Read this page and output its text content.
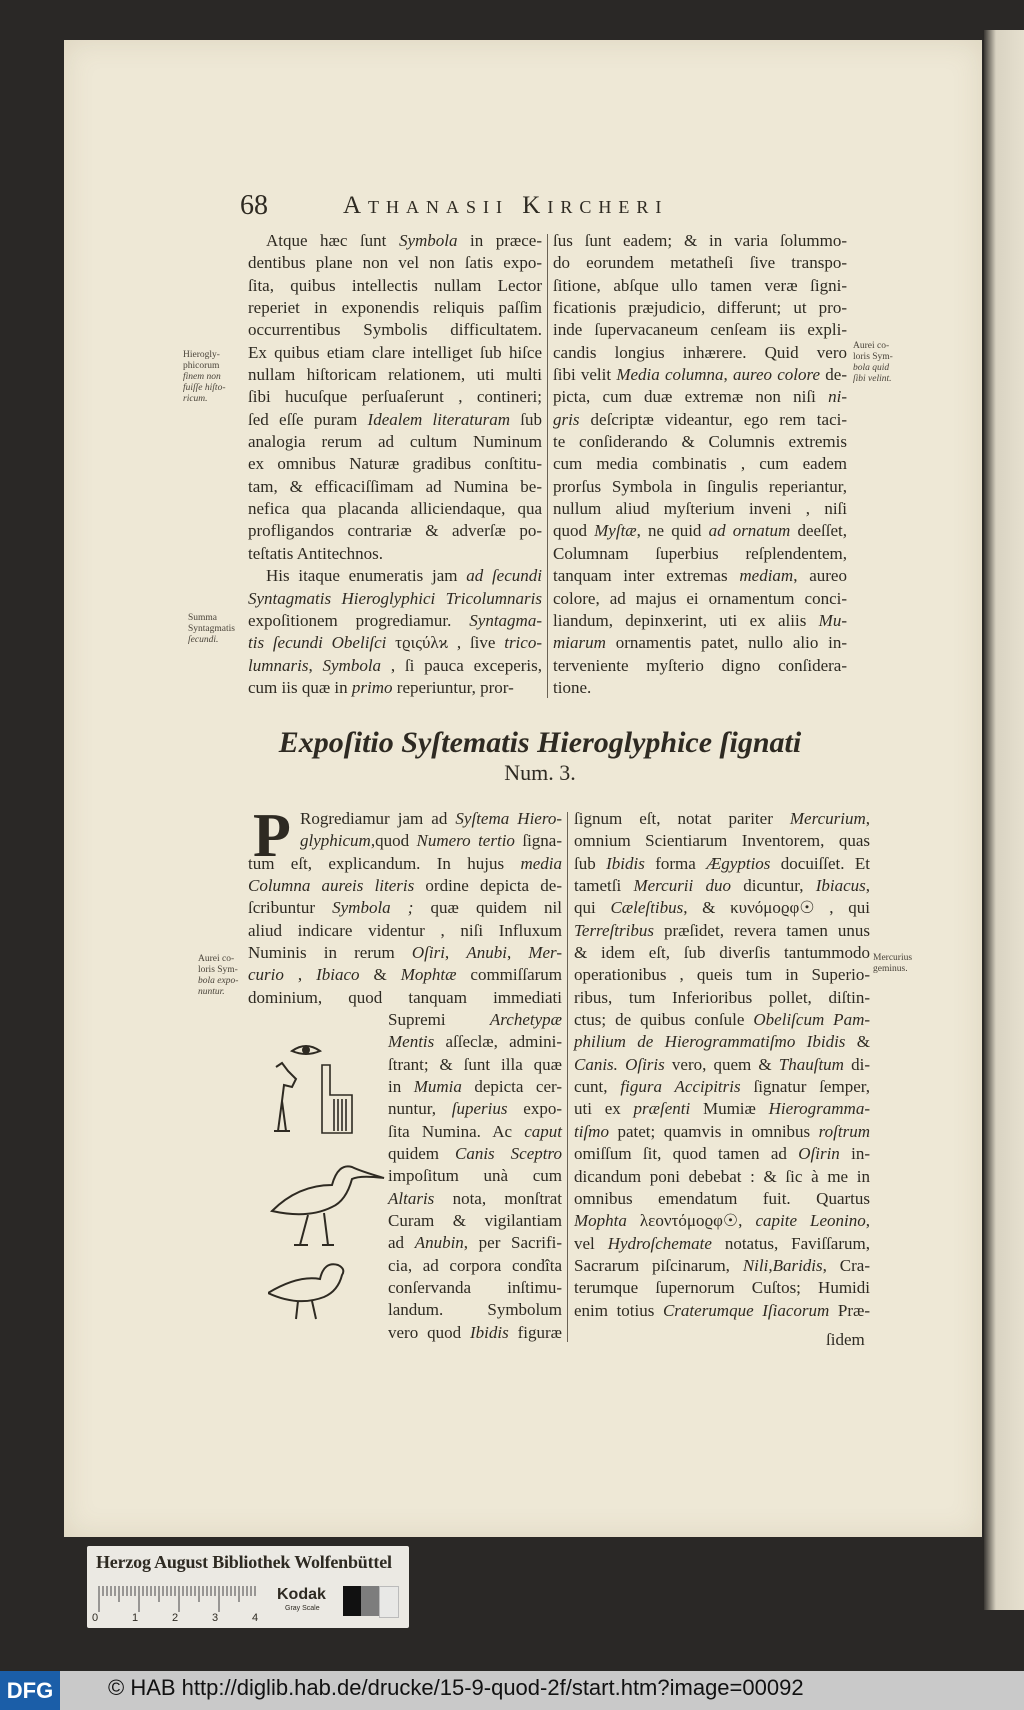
68	Athanasii Kircheri
Atque hæc ſunt Symbola in præce-
dentibus plane non vel non ſatis expo-
ſita, quibus intellectis nullam Lector
reperiet in exponendis reliquis paſſim
occurrentibus Symbolis difficultatem.
Ex quibus etiam clare intelliget ſub hiſce
nullam hiſtoricam relationem, uti multi
ſibi hucuſque perſuaſerunt , contineri;
ſed eſſe puram Idealem literaturam ſub
analogia rerum ad cultum Numinum
ex omnibus Naturæ gradibus conſtitu-
tam, & efficaciſſimam ad Numina be-
nefica qua placanda alliciendaque, qua
profligandos contrariæ & adverſæ po-
teſtatis Antitechnos.
His itaque enumeratis jam ad ſecundi
Syntagmatis Hieroglyphici Tricolumnaris
expoſitionem progrediamur. Syntagma-
tis ſecundi Obeliſci τϱιςύλϰ , ſive trico-
lumnaris, Symbola , ſi pauca exceperis,
cum iis quæ in primo reperiuntur, pror-
ſus ſunt eadem; & in varia ſolummo-
do eorundem metatheſi ſive transpo-
ſitione, abſque ullo tamen veræ ſigni-
ficationis præjudicio, differunt; ut pro-
inde ſupervacaneum cenſeam iis expli-
candis longius inhærere. Quid vero
ſibi velit Media columna, aureo colore de-
picta, cum duæ extremæ non niſi ni-
gris deſcriptæ videantur, ego rem taci-
te conſiderando & Columnis extremis
cum media combinatis , cum eadem
prorſus Symbola in ſingulis reperiantur,
nullum aliud myſterium inveni , niſi
quod Myſtæ, ne quid ad ornatum deeſſet,
Columnam ſuperbius reſplendentem,
tanquam inter extremas mediam, aureo
colore, ad majus ei ornamentum conci-
liandum, depinxerint, uti ex aliis Mu-
miarum ornamentis patet, nullo alio in-
terveniente myſterio digno conſidera-
tione.
Hierogly-
phicorum
finem non
fuiſſe hiſto-
ricum.
Summa
Syntagmatis
ſecundi.
Aurei co-
loris Sym-
bola quid
ſibi velint.
Aurei co-
loris Sym-
bola expo-
nuntur.
Mercurius
geminus.
Expoſitio Syſtematis Hieroglyphice ſignati
Num. 3.
P Rogrediamur jam ad Syſtema Hiero-
glyphicum,quod Numero tertio ſigna-
tum eſt, explicandum. In hujus media
Columna aureis literis ordine depicta de-
ſcribuntur Symbola ; quæ quidem nil
aliud indicare videntur , niſi Influxum
Numinis in rerum Oſiri, Anubi, Mer-
curio , Ibiaco & Mophtæ commiſſarum
dominium, quod tanquam immediati
Supremi Archetypæ
Mentis aſſeclæ, admini-
ſtrant; & ſunt illa quæ
in Mumia depicta cer-
nuntur, ſuperius expo-
ſita Numina. Ac caput
quidem Canis Sceptro
impoſitum unà cum
Altaris nota, monſtrat
Curam & vigilantiam
ad Anubin, per Sacrifi-
cia, ad corpora condîta
conſervanda inſtimu-
landum. Symbolum
vero quod Ibidis figuræ
ſignum eſt, notat pariter Mercurium,
omnium Scientiarum Inventorem, quas
ſub Ibidis forma Ægyptios docuiſſet. Et
tametſi Mercurii duo dicuntur, Ibiacus,
qui Cæleſtibus, & κυνόμοϱφ☉ , qui
Terreſtribus præſidet, revera tamen unus
& idem eſt, ſub diverſis tantummodo
operationibus , queis tum in Superio-
ribus, tum Inferioribus pollet, diſtin-
ctus; de quibus conſule Obeliſcum Pam-
philium de Hierogrammatiſmo Ibidis &
Canis. Oſiris vero, quem & Thauſtum di-
cunt, figura Accipitris ſignatur ſemper,
uti ex præſenti Mumiæ Hierogramma-
tiſmo patet; quamvis in omnibus roſtrum
omiſſum ſit, quod tamen ad Oſirin in-
dicandum poni debebat : & ſic à me in
omnibus emendatum fuit. Quartus
Mophta λεοντόμοϱφ☉, capite Leonino,
vel Hydroſchemate notatus, Faviſſarum,
Sacrarum piſcinarum, Nili,Baridis, Cra-
terumque ſupernorum Cuſtos; Humidi
enim totius Craterumque Iſiacorum Præ-
ſidem
Herzog August Bibliothek Wolfenbüttel
0	1	2	3	4
Kodak
Gray Scale
DFG	© HAB http://diglib.hab.de/drucke/15-9-quod-2f/start.htm?image=00092
